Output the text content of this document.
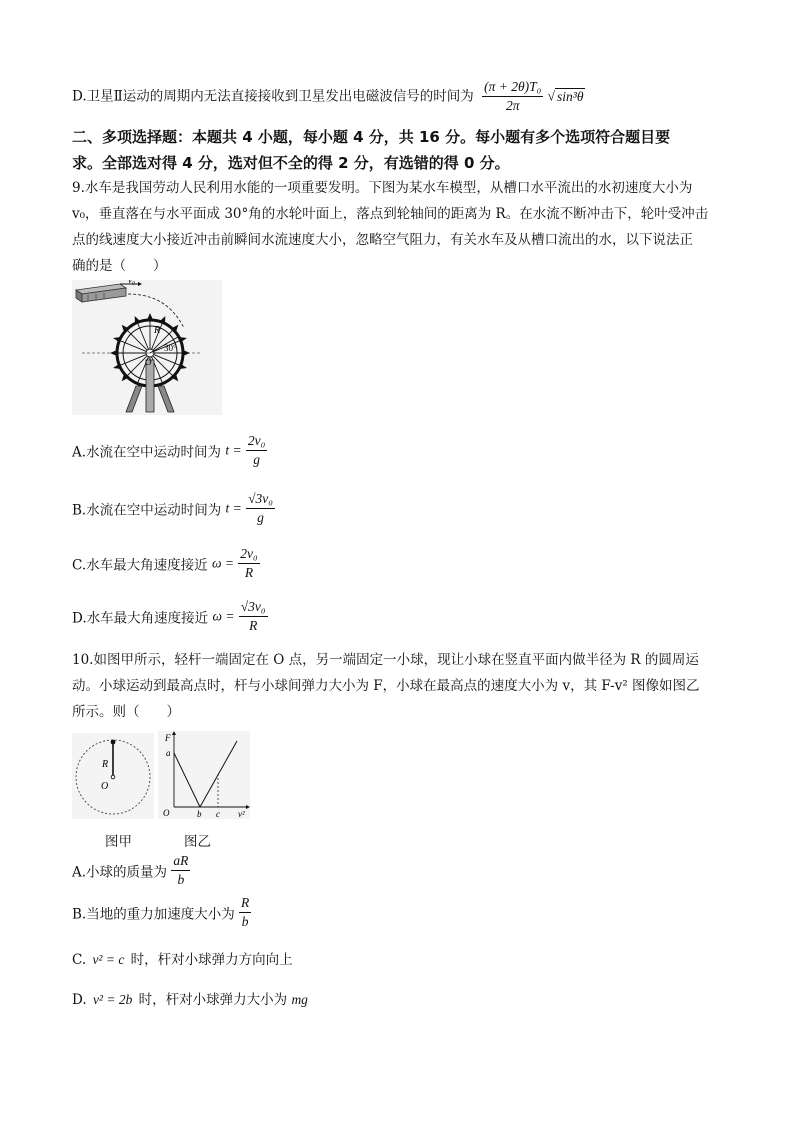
D.卫星Ⅱ运动的周期内无法直接接收到卫星发出电磁波信号的时间为 $\frac{\text{(π + 2θ)T₀}}{2\pi}$ √ sin³θ
二、多项选择题：本题共 4 小题，每小题 4 分，共 16 分。每小题有多个选项符合题目要
求。全部选对得 4 分，选对但不全的得 2 分，有选错的得 0 分。
9.水车是我国劳动人民利用水能的一项重要发明。下图为某水车模型，从槽口水平流出的水初速度大小为
v₀，垂直落在与水平面成 30°角的水轮叶面上，落点到轮轴间的距离为 R。在水流不断冲击下，轮叶受冲击
点的线速度大小接近冲击前瞬间水流速度大小，忽略空气阻力，有关水车及从槽口流出的水，以下说法正
确的是（　　）
v₀
R
30°
O
A.水流在空中运动时间为 $t = \frac{\text{2v₀}}{g}$
B.水流在空中运动时间为 $t = \frac{\text{√3v₀}}{g}$
C.水车最大角速度接近 $\omega = \frac{\text{2v₀}}{R}$
D.水车最大角速度接近 $\omega = \frac{\text{√3v₀}}{R}$
10.如图甲所示，轻杆一端固定在 O 点，另一端固定一小球，现让小球在竖直平面内做半径为 R 的圆周运
动。小球运动到最高点时，杆与小球间弹力大小为 F，小球在最高点的速度大小为 v，其 F-v² 图像如图乙
所示。则（　　）
R
O
F
a
O	b c v²
图甲	图乙
A.小球的质量为 $\frac{aR}{b}$
B.当地的重力加速度大小为 $\frac{R}{b}$
C. v² = c 时，杆对小球弹力方向向上
D. v² = 2b 时，杆对小球弹力大小为 mg
